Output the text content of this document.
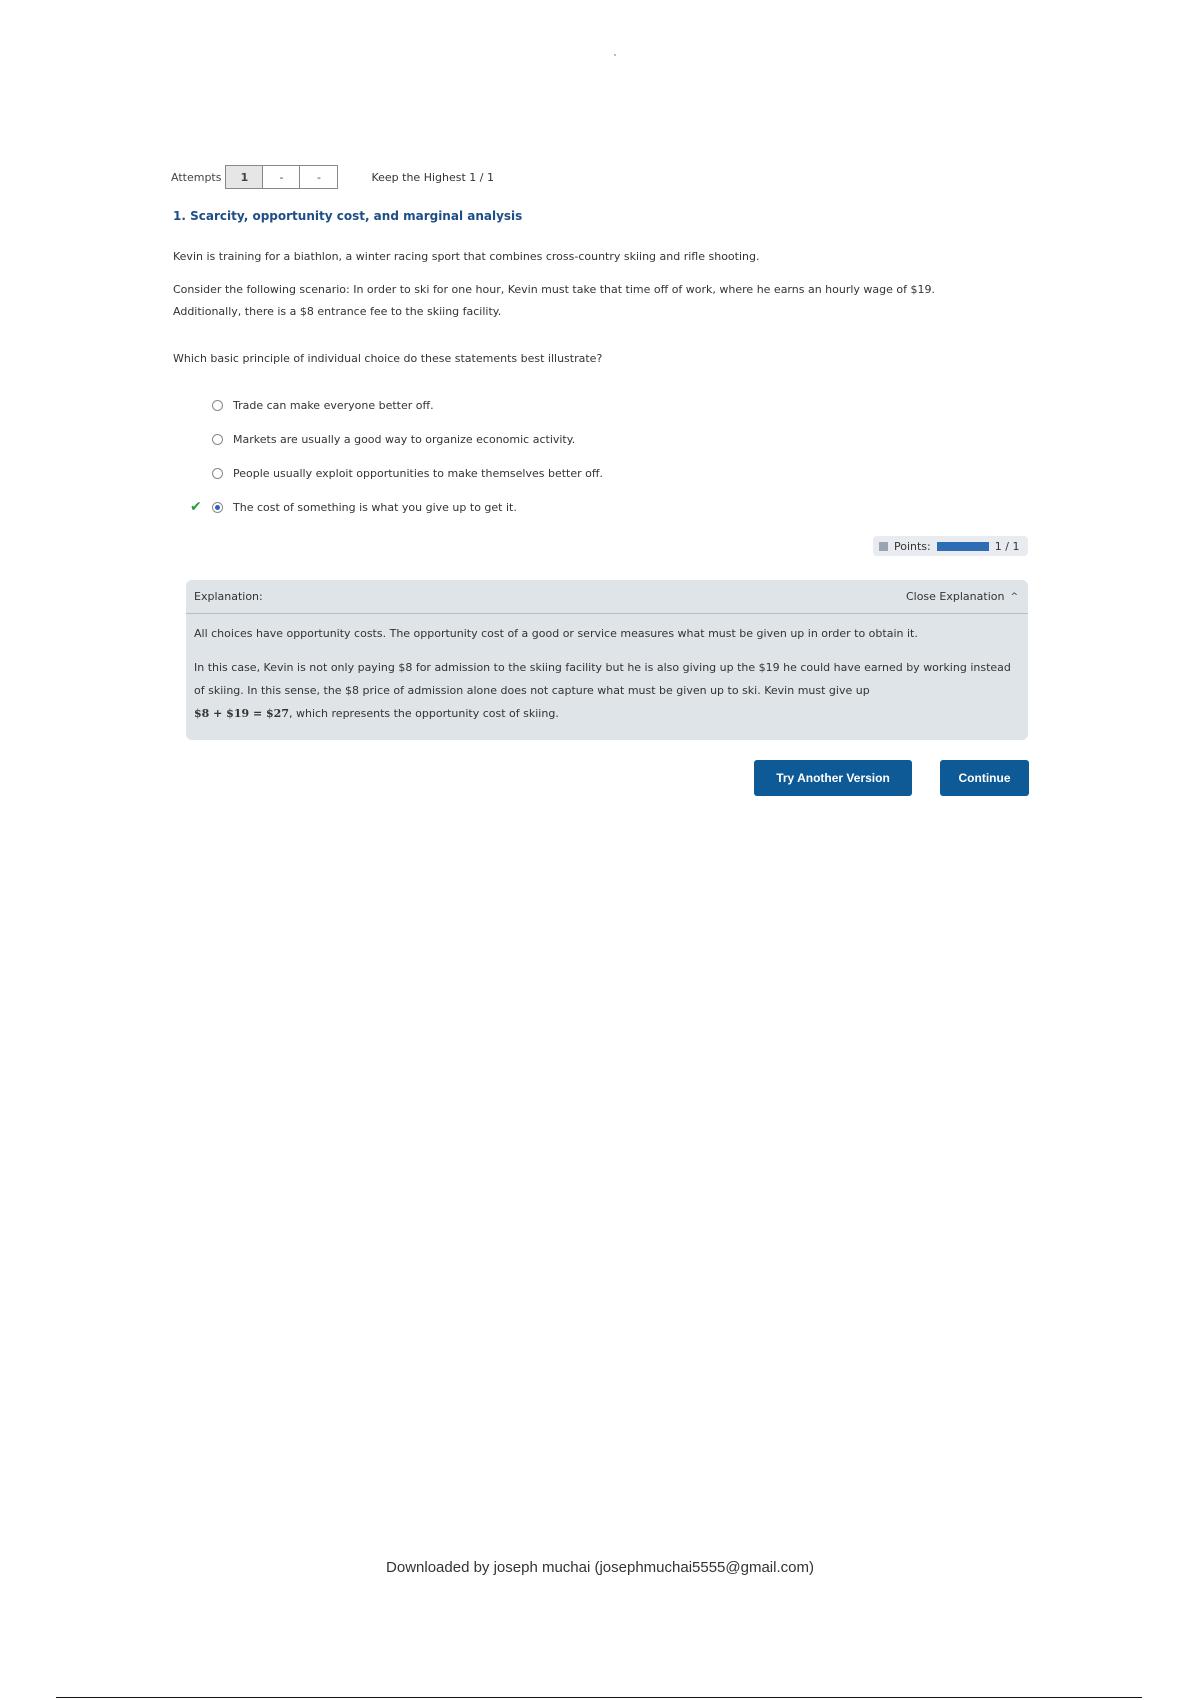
Attempts	1	-	-	Keep the Highest 1 / 1
1. Scarcity, opportunity cost, and marginal analysis
Kevin is training for a biathlon, a winter racing sport that combines cross-country skiing and rifle shooting.
Consider the following scenario: In order to ski for one hour, Kevin must take that time off of work, where he earns an hourly wage of $19. Additionally, there is a $8 entrance fee to the skiing facility.
Which basic principle of individual choice do these statements best illustrate?
Trade can make everyone better off.
Markets are usually a good way to organize economic activity.
People usually exploit opportunities to make themselves better off.
✔	The cost of something is what you give up to get it.
Points:	1 / 1
Explanation:	Close Explanation ^

All choices have opportunity costs. The opportunity cost of a good or service measures what must be given up in order to obtain it.

In this case, Kevin is not only paying $8 for admission to the skiing facility but he is also giving up the $19 he could have earned by working instead of skiing. In this sense, the $8 price of admission alone does not capture what must be given up to ski. Kevin must give up
$8 + $19 = $27, which represents the opportunity cost of skiing.

Try Another Version	Continue
Downloaded by joseph muchai (josephmuchai5555@gmail.com)
